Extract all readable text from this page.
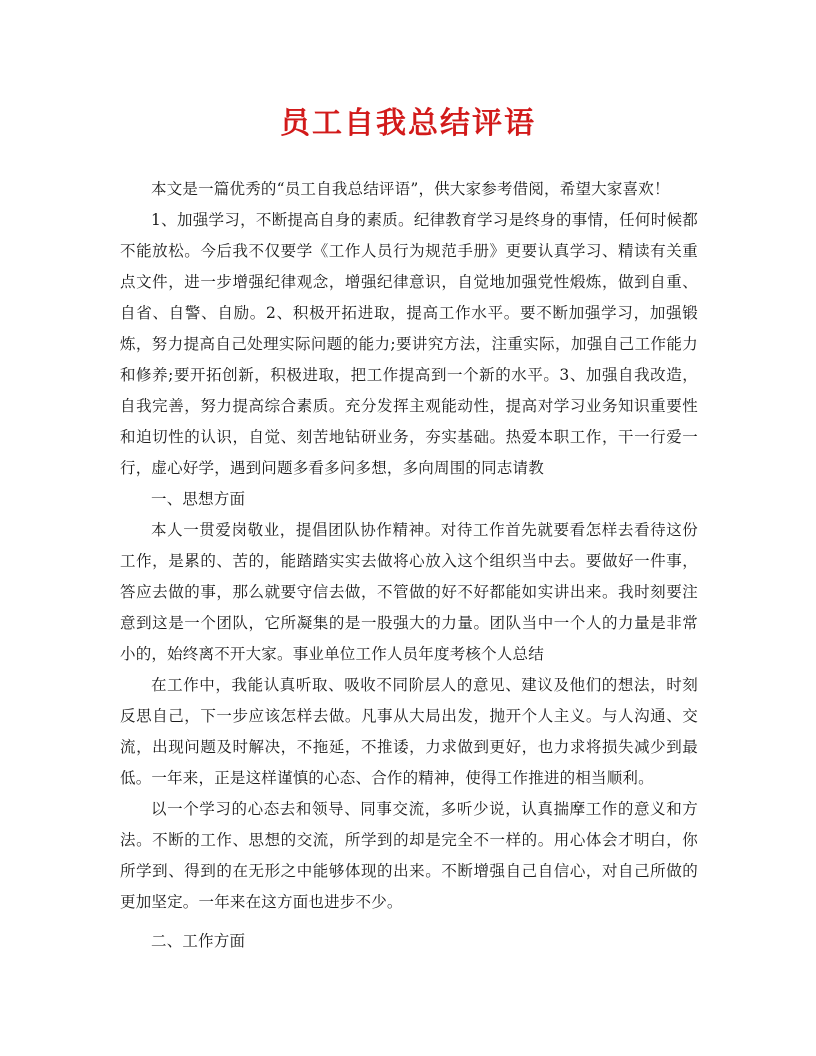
员工自我总结评语

本文是一篇优秀的“员工自我总结评语”，供大家参考借阅，希望大家喜欢！

1、加强学习，不断提高自身的素质。纪律教育学习是终身的事情，任何时候都不能放松。今后我不仅要学《工作人员行为规范手册》更要认真学习、精读有关重点文件，进一步增强纪律观念，增强纪律意识，自觉地加强党性煅炼，做到自重、自省、自警、自励。2、积极开拓进取，提高工作水平。要不断加强学习，加强锻炼，努力提高自己处理实际问题的能力;要讲究方法，注重实际，加强自己工作能力和修养;要开拓创新，积极进取，把工作提高到一个新的水平。3、加强自我改造，自我完善，努力提高综合素质。充分发挥主观能动性，提高对学习业务知识重要性和迫切性的认识，自觉、刻苦地钻研业务，夯实基础。热爱本职工作，干一行爱一行，虚心好学，遇到问题多看多问多想，多向周围的同志请教

一、思想方面

本人一贯爱岗敬业，提倡团队协作精神。对待工作首先就要看怎样去看待这份工作，是累的、苦的，能踏踏实实去做将心放入这个组织当中去。要做好一件事，答应去做的事，那么就要守信去做，不管做的好不好都能如实讲出来。我时刻要注意到这是一个团队，它所凝集的是一股强大的力量。团队当中一个人的力量是非常小的，始终离不开大家。事业单位工作人员年度考核个人总结

在工作中，我能认真听取、吸收不同阶层人的意见、建议及他们的想法，时刻反思自己，下一步应该怎样去做。凡事从大局出发，抛开个人主义。与人沟通、交流，出现问题及时解决，不拖延，不推诿，力求做到更好，也力求将损失减少到最低。一年来，正是这样谨慎的心态、合作的精神，使得工作推进的相当顺利。

以一个学习的心态去和领导、同事交流，多听少说，认真揣摩工作的意义和方法。不断的工作、思想的交流，所学到的却是完全不一样的。用心体会才明白，你所学到、得到的在无形之中能够体现的出来。不断增强自己自信心，对自己所做的更加坚定。一年来在这方面也进步不少。

二、工作方面
